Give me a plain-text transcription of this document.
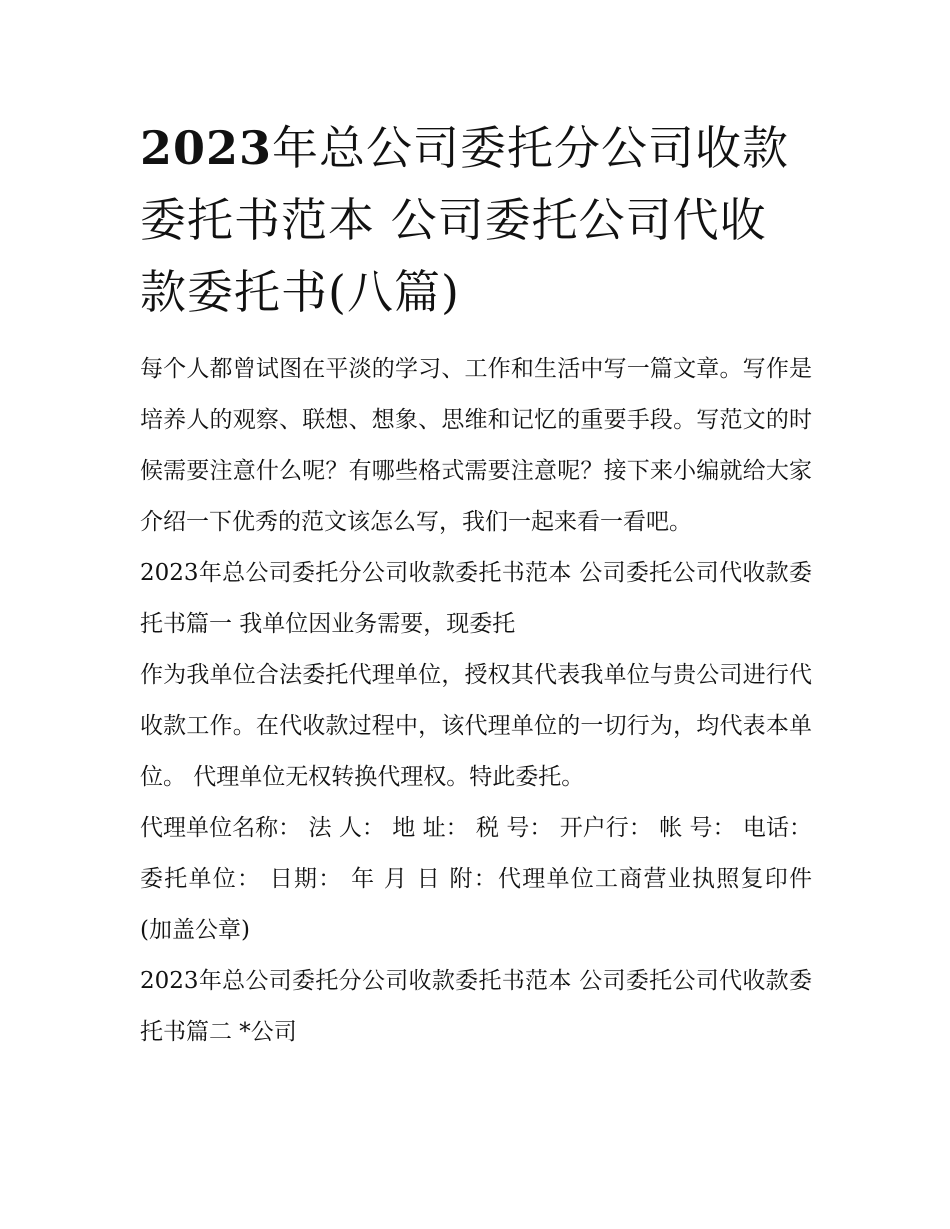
2023年总公司委托分公司收款委托书范本 公司委托公司代收款委托书(八篇)

每个人都曾试图在平淡的学习、工作和生活中写一篇文章。写作是培养人的观察、联想、想象、思维和记忆的重要手段。写范文的时候需要注意什么呢？有哪些格式需要注意呢？接下来小编就给大家介绍一下优秀的范文该怎么写，我们一起来看一看吧。

2023年总公司委托分公司收款委托书范本 公司委托公司代收款委托书篇一 我单位因业务需要，现委托

作为我单位合法委托代理单位，授权其代表我单位与贵公司进行代收款工作。在代收款过程中，该代理单位的一切行为，均代表本单位。 代理单位无权转换代理权。特此委托。

代理单位名称： 法 人： 地 址： 税 号： 开户行： 帐 号： 电话： 委托单位： 日期： 年 月 日 附：代理单位工商营业执照复印件 (加盖公章)

2023年总公司委托分公司收款委托书范本 公司委托公司代收款委托书篇二 *公司
